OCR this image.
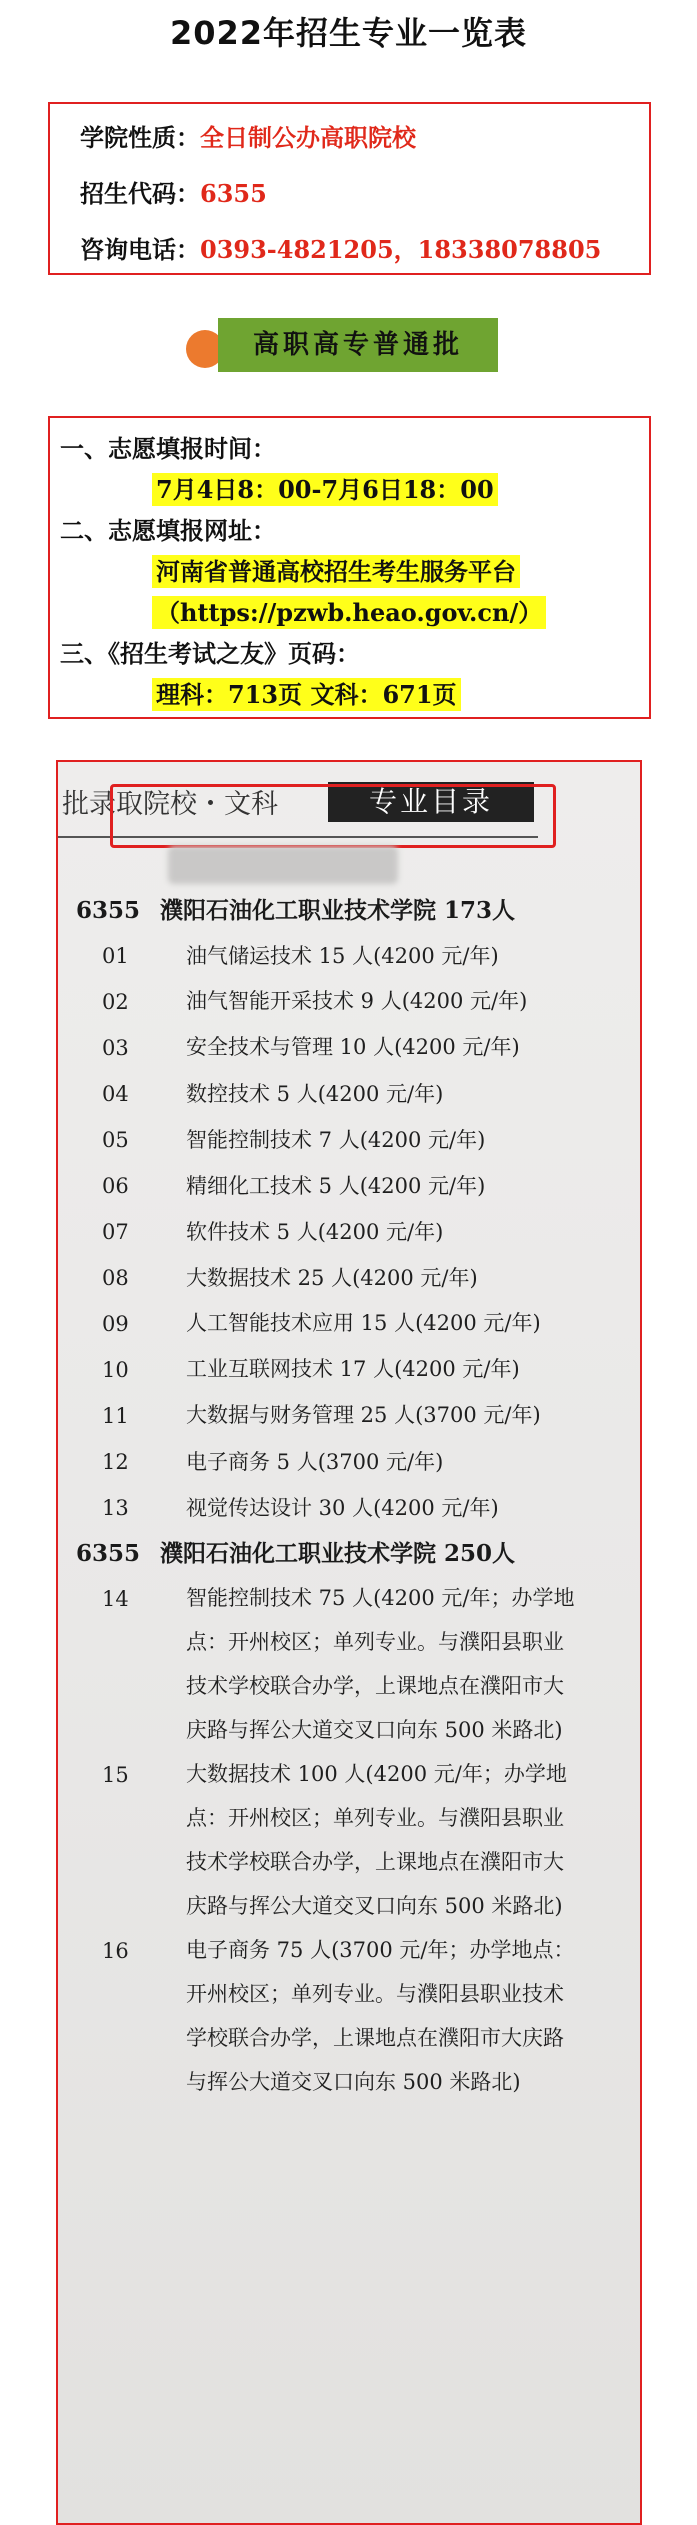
2022年招生专业一览表
学院性质：全日制公办高职院校
招生代码：6355
咨询电话：0393-4821205，18338078805
高职高专普通批
一、志愿填报时间：
7月4日8：00-7月6日18：00
二、志愿填报网址：
河南省普通高校招生考生服务平台
（https://pzwb.heao.gov.cn/）
三、《招生考试之友》页码：
理科：713页 文科：671页
批录取院校・文科	专业目录
6355 濮阳石油化工职业技术学院 173人
01	油气储运技术 15 人(4200 元/年)
02	油气智能开采技术 9 人(4200 元/年)
03	安全技术与管理 10 人(4200 元/年)
04	数控技术 5 人(4200 元/年)
05	智能控制技术 7 人(4200 元/年)
06	精细化工技术 5 人(4200 元/年)
07	软件技术 5 人(4200 元/年)
08	大数据技术 25 人(4200 元/年)
09	人工智能技术应用 15 人(4200 元/年)
10	工业互联网技术 17 人(4200 元/年)
11	大数据与财务管理 25 人(3700 元/年)
12	电子商务 5 人(3700 元/年)
13	视觉传达设计 30 人(4200 元/年)
6355 濮阳石油化工职业技术学院 250人
14	智能控制技术 75 人(4200 元/年；办学地点：开州校区；单列专业。与濮阳县职业技术学校联合办学，上课地点在濮阳市大庆路与挥公大道交叉口向东 500 米路北)
15	大数据技术 100 人(4200 元/年；办学地点：开州校区；单列专业。与濮阳县职业技术学校联合办学，上课地点在濮阳市大庆路与挥公大道交叉口向东 500 米路北)
16	电子商务 75 人(3700 元/年；办学地点：开州校区；单列专业。与濮阳县职业技术学校联合办学，上课地点在濮阳市大庆路与挥公大道交叉口向东 500 米路北)
